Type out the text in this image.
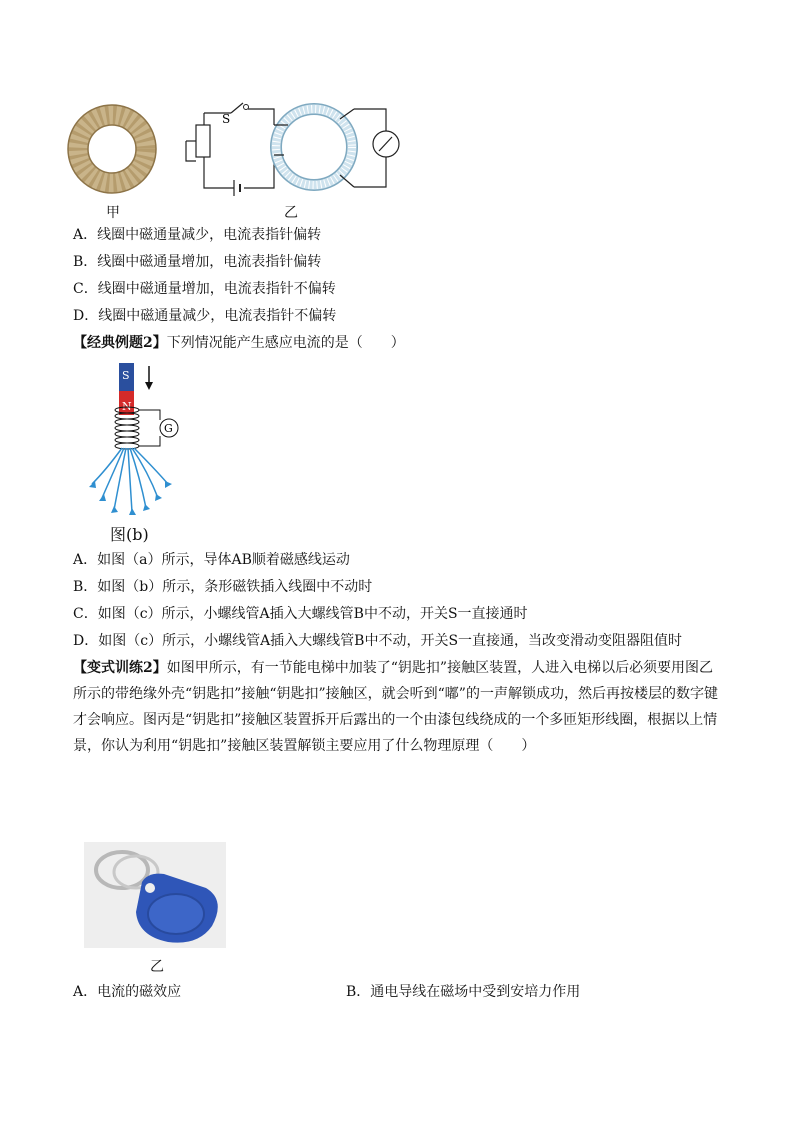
甲
S
乙
A．线圈中磁通量减少，电流表指针偏转
B．线圈中磁通量增加，电流表指针偏转
C．线圈中磁通量增加，电流表指针不偏转
D．线圈中磁通量减少，电流表指针不偏转
【经典例题2】下列情况能产生感应电流的是（　　）
S
N
G
图(b)
A．如图（a）所示，导体AB顺着磁感线运动
B．如图（b）所示，条形磁铁插入线圈中不动时
C．如图（c）所示，小螺线管A插入大螺线管B中不动，开关S一直接通时
D．如图（c）所示，小螺线管A插入大螺线管B中不动，开关S一直接通，当改变滑动变阻器阻值时
【变式训练2】如图甲所示，有一节能电梯中加装了“钥匙扣”接触区装置，人进入电梯以后必须要用图乙所示的带绝缘外壳“钥匙扣”接触“钥匙扣”接触区，就会听到“嘟”的一声解锁成功，然后再按楼层的数字键才会响应。图丙是“钥匙扣”接触区装置拆开后露出的一个由漆包线绕成的一个多匝矩形线圈，根据以上情景，你认为利用“钥匙扣”接触区装置解锁主要应用了什么物理原理（　　）
乙
A．电流的磁效应	B．通电导线在磁场中受到安培力作用
